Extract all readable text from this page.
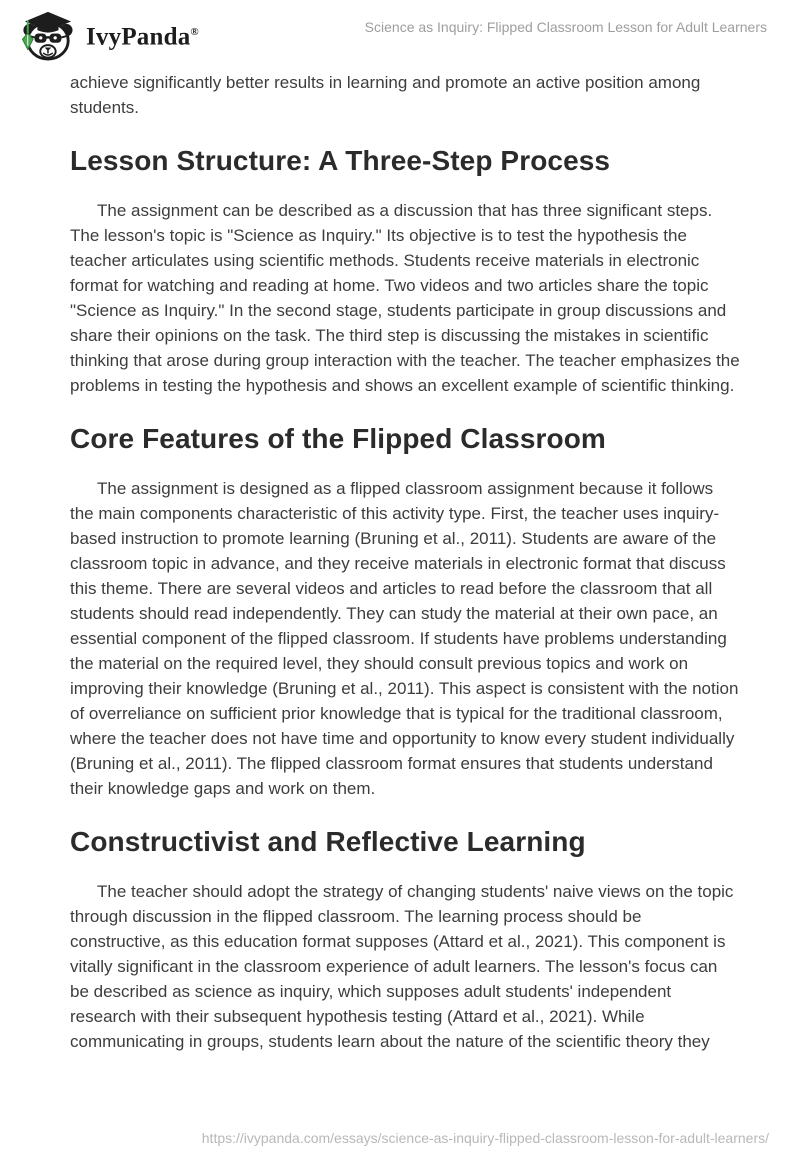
IvyPanda®	Science as Inquiry: Flipped Classroom Lesson for Adult Learners

achieve significantly better results in learning and promote an active position among students.

Lesson Structure: A Three-Step Process

The assignment can be described as a discussion that has three significant steps. The lesson's topic is "Science as Inquiry." Its objective is to test the hypothesis the teacher articulates using scientific methods. Students receive materials in electronic format for watching and reading at home. Two videos and two articles share the topic "Science as Inquiry." In the second stage, students participate in group discussions and share their opinions on the task. The third step is discussing the mistakes in scientific thinking that arose during group interaction with the teacher. The teacher emphasizes the problems in testing the hypothesis and shows an excellent example of scientific thinking.

Core Features of the Flipped Classroom

The assignment is designed as a flipped classroom assignment because it follows the main components characteristic of this activity type. First, the teacher uses inquiry-based instruction to promote learning (Bruning et al., 2011). Students are aware of the classroom topic in advance, and they receive materials in electronic format that discuss this theme. There are several videos and articles to read before the classroom that all students should read independently. They can study the material at their own pace, an essential component of the flipped classroom. If students have problems understanding the material on the required level, they should consult previous topics and work on improving their knowledge (Bruning et al., 2011). This aspect is consistent with the notion of overreliance on sufficient prior knowledge that is typical for the traditional classroom, where the teacher does not have time and opportunity to know every student individually (Bruning et al., 2011). The flipped classroom format ensures that students understand their knowledge gaps and work on them.

Constructivist and Reflective Learning

The teacher should adopt the strategy of changing students' naive views on the topic through discussion in the flipped classroom. The learning process should be constructive, as this education format supposes (Attard et al., 2021). This component is vitally significant in the classroom experience of adult learners. The lesson's focus can be described as science as inquiry, which supposes adult students' independent research with their subsequent hypothesis testing (Attard et al., 2021). While communicating in groups, students learn about the nature of the scientific theory they

https://ivypanda.com/essays/science-as-inquiry-flipped-classroom-lesson-for-adult-learners/
